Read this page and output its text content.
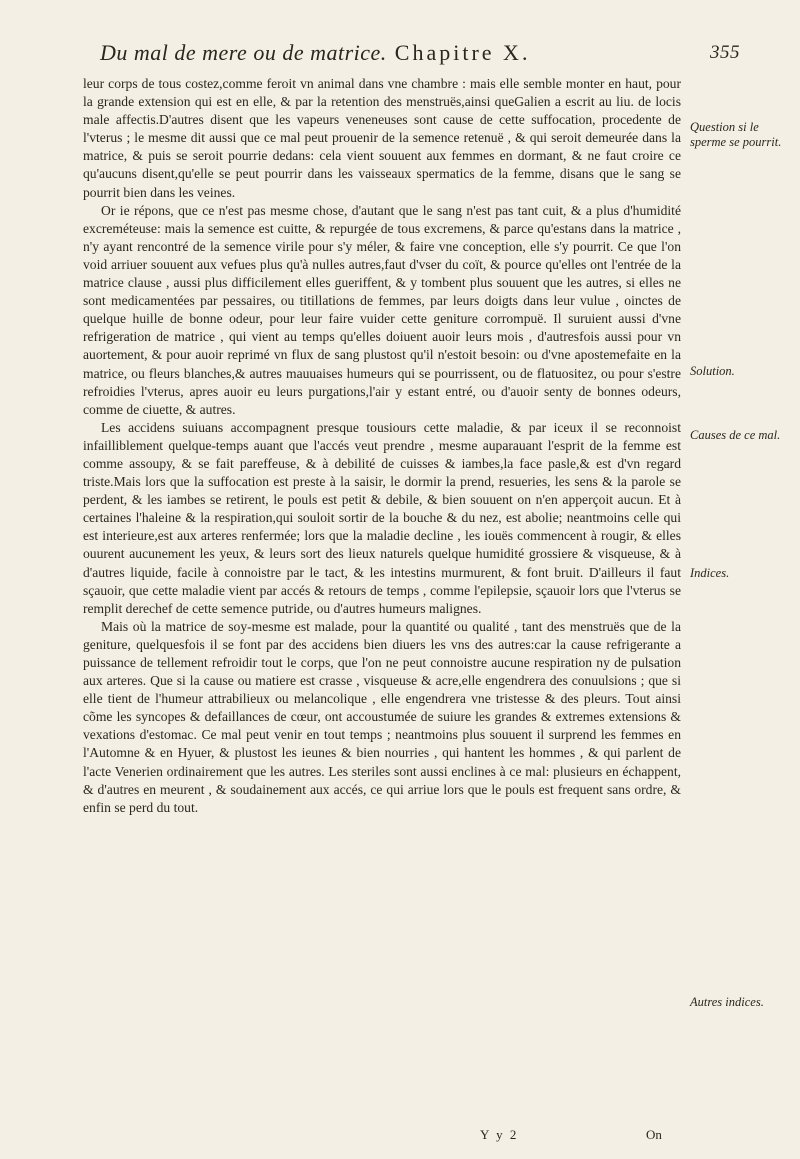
Du mal de mere ou de matrice. Chapitre X.	355

leur corps de tous costez,comme feroit vn animal dans vne chambre : mais elle semble monter en haut, pour la grande extension qui est en elle, & par la retention des menstruës,ainsi queGalien a escrit au liu. de locis male affectis.D'autres disent que les vapeurs veneneuses sont cause de cette suffocation, procedente de l'vterus ; le mesme dit aussi que ce mal peut prouenir de la semence retenuë , & qui seroit demeurée dans la matrice, & puis se seroit pourrie dedans: cela vient souuent aux femmes en dormant, & ne faut croire ce qu'aucuns disent,qu'elle se peut pourrir dans les vaisseaux spermatics de la femme, disans que le sang se pourrit bien dans les veines.

Or ie répons, que ce n'est pas mesme chose, d'autant que le sang n'est pas tant cuit, & a plus d'humidité excreméteuse: mais la semence est cuitte, & repurgée de tous excremens, & parce qu'estans dans la matrice , n'y ayant rencontré de la semence virile pour s'y méler, & faire vne conception, elle s'y pourrit. Ce que l'on void arriuer souuent aux vefues plus qu'à nulles autres,faut d'vser du coït, & pource qu'elles ont l'entrée de la matrice clause , aussi plus difficilement elles gueriffent, & y tombent plus souuent que les autres, si elles ne sont medicamentées par pessaires, ou titillations de femmes, par leurs doigts dans leur vulue , oinctes de quelque huille de bonne odeur, pour leur faire vuider cette geniture corrompuë. Il suruient aussi d'vne refrigeration de matrice , qui vient au temps qu'elles doiuent auoir leurs mois , d'autresfois aussi pour vn auortement, & pour auoir reprimé vn flux de sang plustost qu'il n'estoit besoin: ou d'vne apostemefaite en la matrice, ou fleurs blanches,& autres mauuaises humeurs qui se pourrissent, ou de flatuositez, ou pour s'estre refroidies l'vterus, apres auoir eu leurs purgations,l'air y estant entré, ou d'auoir senty de bonnes odeurs, comme de ciuette, & autres.

Les accidens suiuans accompagnent presque tousiours cette maladie, & par iceux il se reconnoist infailliblement quelque-temps auant que l'accés veut prendre , mesme auparauant l'esprit de la femme est comme assoupy, & se fait pareffeuse, & à debilité de cuisses & iambes,la face pasle,& est d'vn regard triste.Mais lors que la suffocation est preste à la saisir, le dormir la prend, resueries, les sens & la parole se perdent, & les iambes se retirent, le pouls est petit & debile, & bien souuent on n'en apperçoit aucun. Et à certaines l'haleine & la respiration,qui souloit sortir de la bouche & du nez, est abolie; neantmoins celle qui est interieure,est aux arteres renfermée; lors que la maladie decline , les iouës commencent à rougir, & elles ouurent aucunement les yeux, & leurs sort des lieux naturels quelque humidité grossiere & visqueuse, & à d'autres liquide, facile à connoistre par le tact, & les intestins murmurent, & font bruit. D'ailleurs il faut sçauoir, que cette maladie vient par accés & retours de temps , comme l'epilepsie, sçauoir lors que l'vterus se remplit derechef de cette semence putride, ou d'autres humeurs malignes.

Mais où la matrice de soy-mesme est malade, pour la quantité ou qualité , tant des menstruës que de la geniture, quelquesfois il se font par des accidens bien diuers les vns des autres:car la cause refrigerante a puissance de tellement refroidir tout le corps, que l'on ne peut connoistre aucune respiration ny de pulsation aux arteres. Que si la cause ou matiere est crasse , visqueuse & acre,elle engendrera des conuulsions ; que si elle tient de l'humeur attrabilieux ou melancolique , elle engendrera vne tristesse & des pleurs. Tout ainsi cõme les syncopes & defaillances de cœur, ont accoustumée de suiure les grandes & extremes extensions & vexations d'estomac. Ce mal peut venir en tout temps ; neantmoins plus souuent il surprend les femmes en l'Automne & en Hyuer, & plustost les ieunes & bien nourries , qui hantent les hommes , & qui parlent de l'acte Venerien ordinairement que les autres. Les steriles sont aussi enclines à ce mal: plusieurs en échappent, & d'autres en meurent , & soudainement aux accés, ce qui arriue lors que le pouls est frequent sans ordre, & enfin se perd du tout.

Question si le sperme se pourrit.
Solution.
Causes de ce mal.
Indices.
Autres indices.
Y y 2	On
